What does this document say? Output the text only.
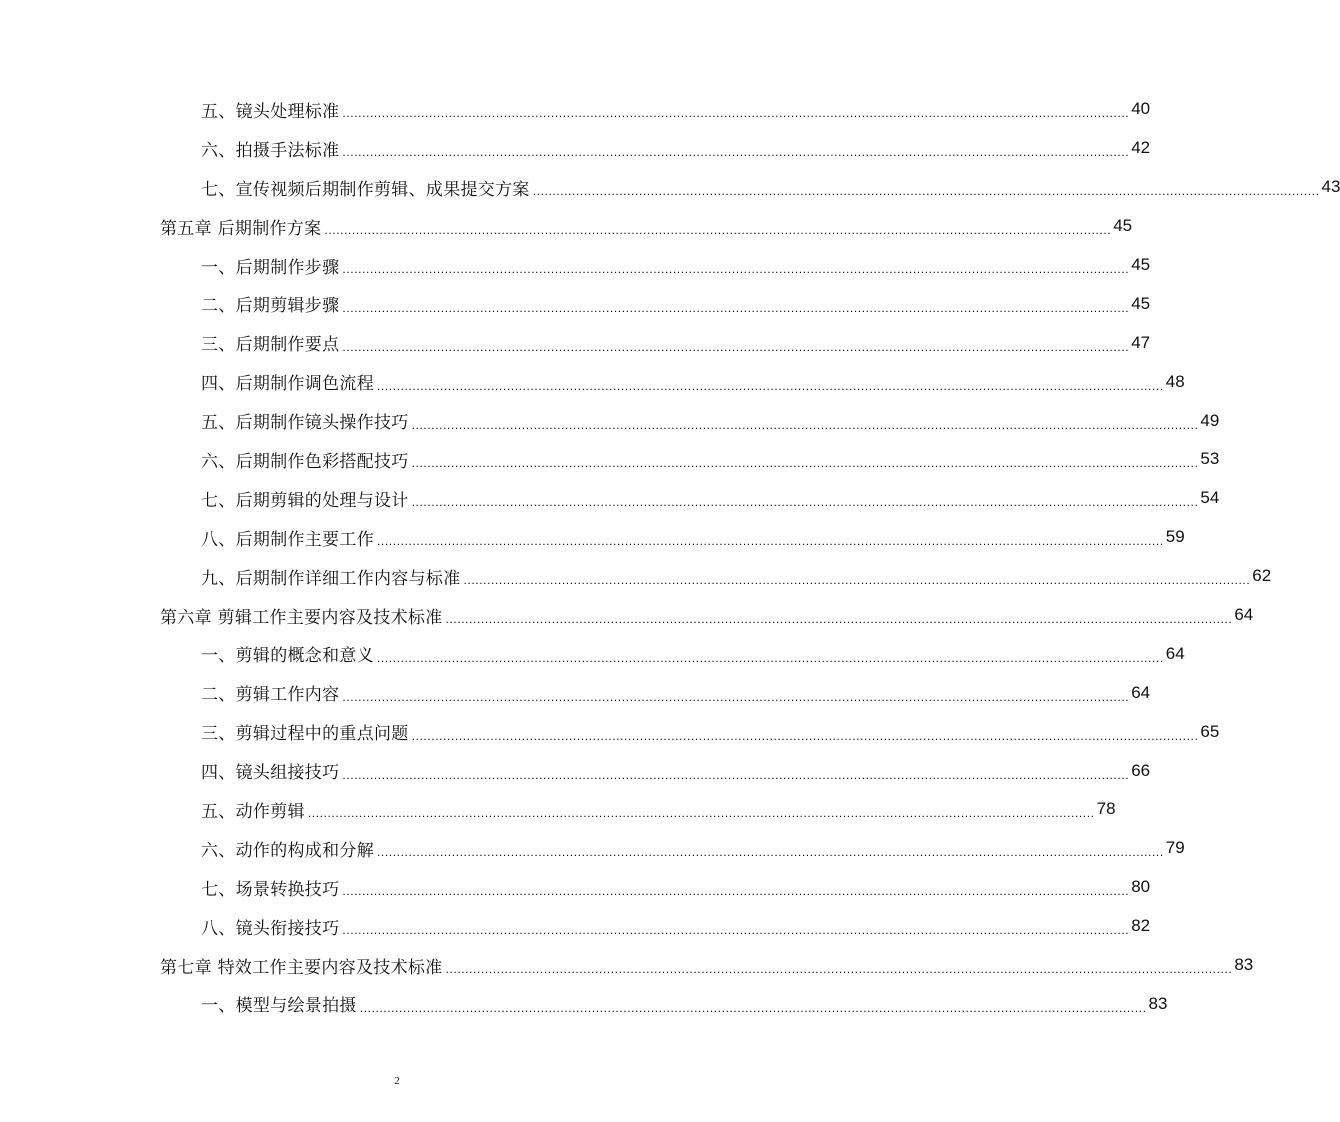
五、镜头处理标准 ........................................................................................................................................................................................................ 40
六、拍摄手法标准 ........................................................................................................................................................................................................ 42
七、宣传视频后期制作剪辑、成果提交方案 ........................................................................................................................................................................................................ 43
第五章 后期制作方案 ........................................................................................................................................................................................................ 45
一、后期制作步骤 ........................................................................................................................................................................................................ 45
二、后期剪辑步骤 ........................................................................................................................................................................................................ 45
三、后期制作要点 ........................................................................................................................................................................................................ 47
四、后期制作调色流程 ........................................................................................................................................................................................................ 48
五、后期制作镜头操作技巧 ........................................................................................................................................................................................................ 49
六、后期制作色彩搭配技巧 ........................................................................................................................................................................................................ 53
七、后期剪辑的处理与设计 ........................................................................................................................................................................................................ 54
八、后期制作主要工作 ........................................................................................................................................................................................................ 59
九、后期制作详细工作内容与标准 ........................................................................................................................................................................................................ 62
第六章 剪辑工作主要内容及技术标准 ........................................................................................................................................................................................................ 64
一、剪辑的概念和意义 ........................................................................................................................................................................................................ 64
二、剪辑工作内容 ........................................................................................................................................................................................................ 64
三、剪辑过程中的重点问题 ........................................................................................................................................................................................................ 65
四、镜头组接技巧 ........................................................................................................................................................................................................ 66
五、动作剪辑 ........................................................................................................................................................................................................ 78
六、动作的构成和分解 ........................................................................................................................................................................................................ 79
七、场景转换技巧 ........................................................................................................................................................................................................ 80
八、镜头衔接技巧 ........................................................................................................................................................................................................ 82
第七章 特效工作主要内容及技术标准 ........................................................................................................................................................................................................ 83
一、模型与绘景拍摄 ........................................................................................................................................................................................................ 83
2
